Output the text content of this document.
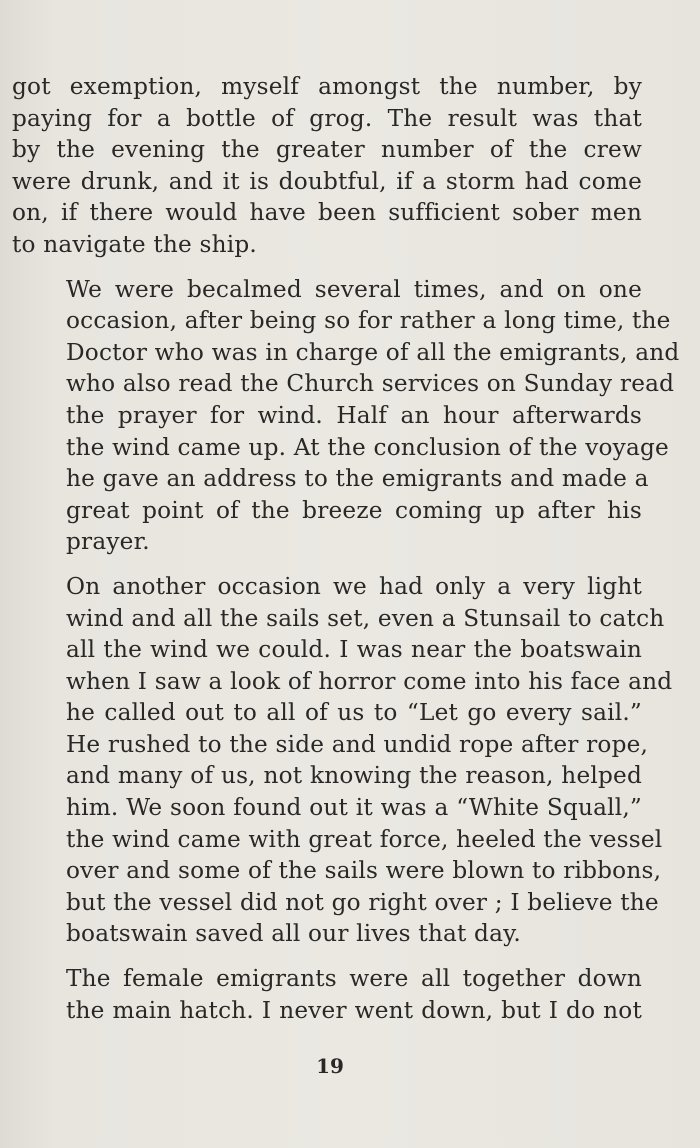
got exemption, myself amongst the number, by
paying for a bottle of grog. The result was that
by the evening the greater number of the crew
were drunk, and it is doubtful, if a storm had come
on, if there would have been sufficient sober men
to navigate the ship.

We were becalmed several times, and on one
occasion, after being so for rather a long time, the
Doctor who was in charge of all the emigrants, and
who also read the Church services on Sunday read
the prayer for wind. Half an hour afterwards
the wind came up. At the conclusion of the voyage
he gave an address to the emigrants and made a
great point of the breeze coming up after his
prayer.

On another occasion we had only a very light
wind and all the sails set, even a Stunsail to catch
all the wind we could. I was near the boatswain
when I saw a look of horror come into his face and
he called out to all of us to “Let go every sail.”
He rushed to the side and undid rope after rope,
and many of us, not knowing the reason, helped
him. We soon found out it was a “White Squall,”
the wind came with great force, heeled the vessel
over and some of the sails were blown to ribbons,
but the vessel did not go right over ; I believe the
boatswain saved all our lives that day.

The female emigrants were all together down
the main hatch. I never went down, but I do not

19
